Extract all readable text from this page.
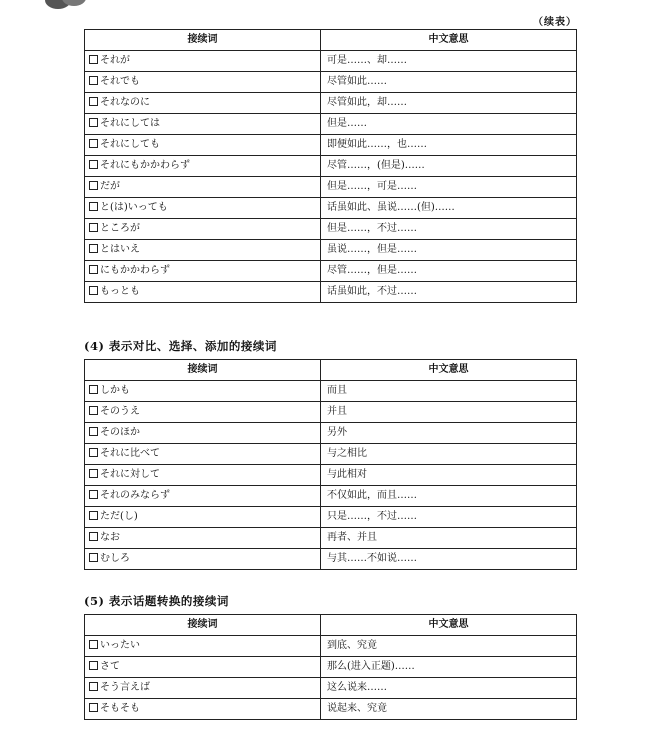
（续表）
接续词	中文意思
それが	可是……、却……
それでも	尽管如此……
それなのに	尽管如此，却……
それにしては	但是……
それにしても	即便如此……，也……
それにもかかわらず	尽管……，(但是)……
だが	但是……，可是……
と(は)いっても	话虽如此、虽说……(但)……
ところが	但是……，不过……
とはいえ	虽说……，但是……
にもかかわらず	尽管……，但是……
もっとも	话虽如此，不过……
(4) 表示对比、选择、添加的接续词
接续词	中文意思
しかも	而且
そのうえ	并且
そのほか	另外
それに比べて	与之相比
それに対して	与此相对
それのみならず	不仅如此，而且……
ただ(し)	只是……，不过……
なお	再者、并且
むしろ	与其……不如说……
(5) 表示话题转换的接续词
接续词	中文意思
いったい	到底、究竟
さて	那么(进入正题)……
そう言えば	这么说来……
そもそも	说起来、究竟
